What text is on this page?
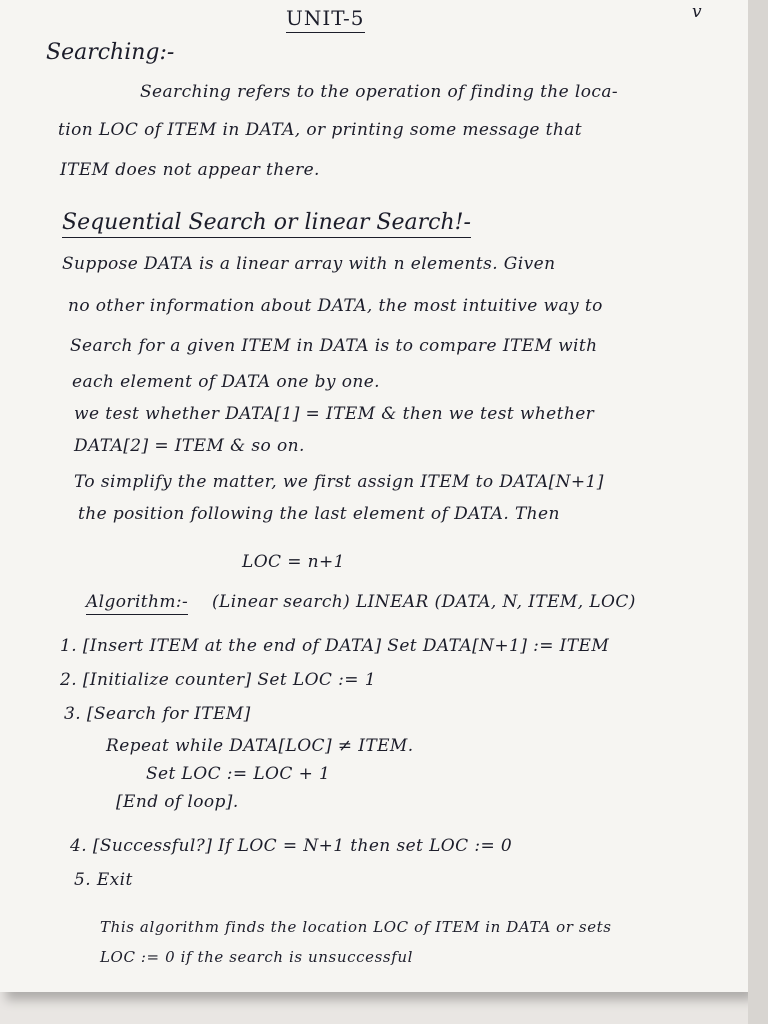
UNIT-5	v
Searching:-
Searching refers to the operation of finding the loca-
tion LOC of ITEM in DATA, or printing some message that
ITEM does not appear there.
Sequential Search or linear Search!-
Suppose DATA is a linear array with n elements. Given
no other information about DATA, the most intuitive way to
Search for a given ITEM in DATA is to compare ITEM with
each element of DATA one by one.
we test whether DATA[1] = ITEM & then we test whether
DATA[2] = ITEM & so on.
To simplify the matter, we first assign ITEM to DATA[N+1]
the position following the last element of DATA. Then
LOC = n+1
Algorithm:- (Linear search) LINEAR (DATA, N, ITEM, LOC)
1. [Insert ITEM at the end of DATA] Set DATA[N+1] := ITEM
2. [Initialize counter] Set LOC := 1
3. [Search for ITEM]
Repeat while DATA[LOC] ≠ ITEM.
Set LOC := LOC + 1
[End of loop].
4. [Successful?] If LOC = N+1 then set LOC := 0
5. Exit
This algorithm finds the location LOC of ITEM in DATA or sets
LOC := 0 if the search is unsuccessful
